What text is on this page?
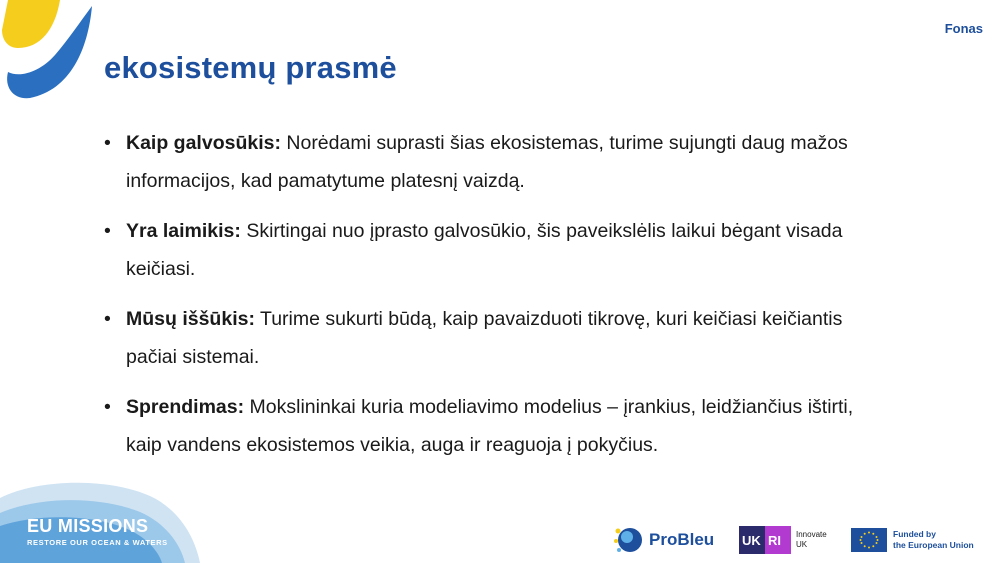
Fonas
ekosistemų prasmė
• Kaip galvosūkis: Norėdami suprasti šias ekosistemas, turime sujungti daug mažos informacijos, kad pamatytume platesnį vaizdą.
• Yra laimikis: Skirtingai nuo įprasto galvosūkio, šis paveikslėlis laikui bėgant visada keičiasi.
• Mūsų iššūkis: Turime sukurti būdą, kaip pavaizduoti tikrovę, kuri keičiasi keičiantis pačiai sistemai.
• Sprendimas: Mokslininkai kuria modeliavimo modelius – įrankius, leidžiančius ištirti, kaip vandens ekosistemos veikia, auga ir reaguoja į pokyčius.
EU MISSIONS
RESTORE OUR OCEAN & WATERS	ProBleu UK RI Innovate
UK
Funded by
the European Union
